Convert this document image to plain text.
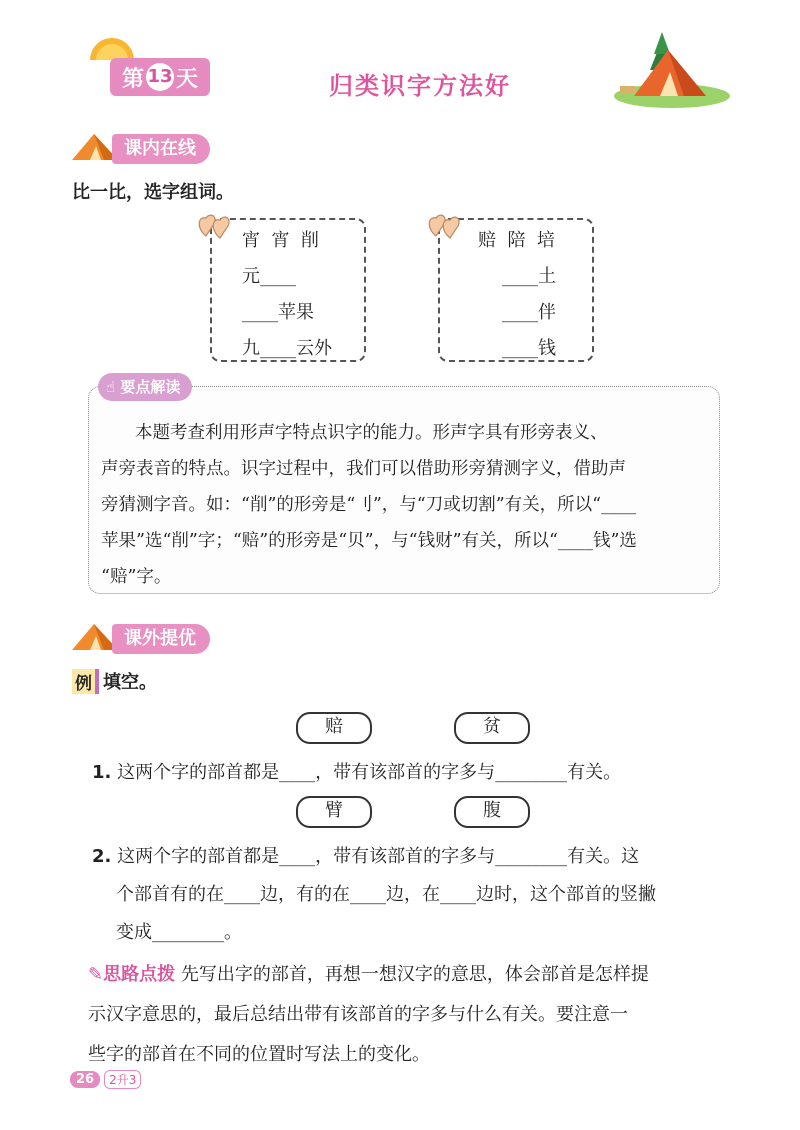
第 13 天	归类识字方法好
课内在线
比一比，选字组词。
宵  宵  削
元____
____苹果
九____云外
赔  陪  培
____土
____伴
____钱
本题考查利用形声字特点识字的能力。形声字具有形旁表义、
声旁表音的特点。识字过程中，我们可以借助形旁猜测字义，借助声
旁猜测字音。如：“削”的形旁是“刂”，与“刀或切割”有关，所以“____
苹果”选“削”字；“赔”的形旁是“贝”，与“钱财”有关，所以“____钱”选
“赔”字。
☝ 要点解读
课外提优
例 填空。
赔	贫
1. 这两个字的部首都是____，带有该部首的字多与________有关。
臂	腹
2. 这两个字的部首都是____，带有该部首的字多与________有关。这
个部首有的在____边，有的在____边，在____边时，这个部首的竖撇
变成________。
✎思路点拨 先写出字的部首，再想一想汉字的意思，体会部首是怎样提
示汉字意思的，最后总结出带有该部首的字多与什么有关。要注意一
些字的部首在不同的位置时写法上的变化。
26	2升3
